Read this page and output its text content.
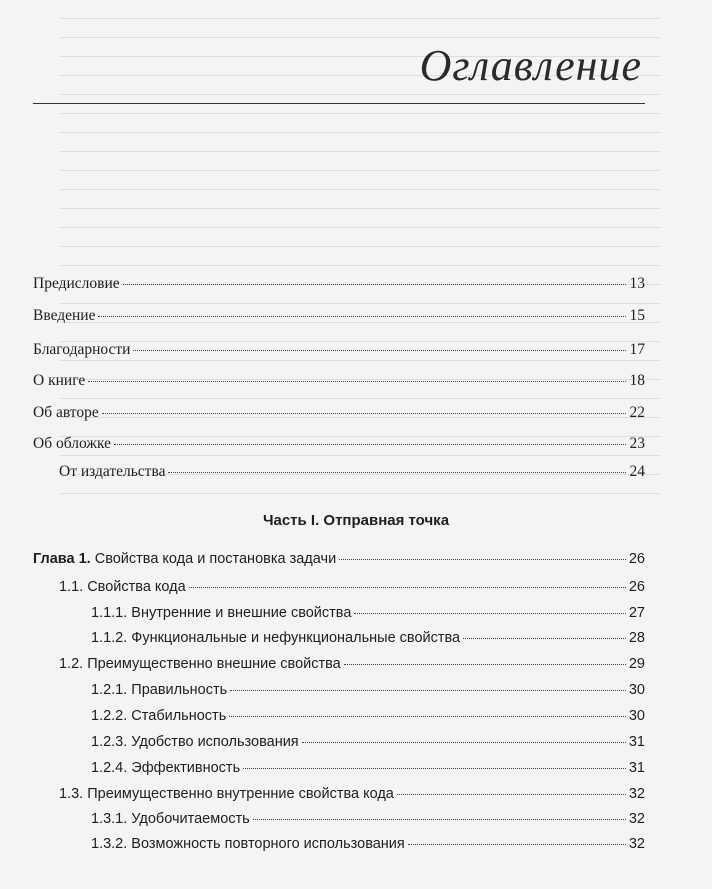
Оглавление
Предисловие	13
Введение	15
Благодарности	17
О книге	18
Об авторе	22
Об обложке	23
От издательства	24
Часть I. Отправная точка
Глава 1. Свойства кода и постановка задачи	26
1.1. Свойства кода	26
1.1.1. Внутренние и внешние свойства	27
1.1.2. Функциональные и нефункциональные свойства	28
1.2. Преимущественно внешние свойства	29
1.2.1. Правильность	30
1.2.2. Стабильность	30
1.2.3. Удобство использования	31
1.2.4. Эффективность	31
1.3. Преимущественно внутренние свойства кода	32
1.3.1. Удобочитаемость	32
1.3.2. Возможность повторного использования	32
